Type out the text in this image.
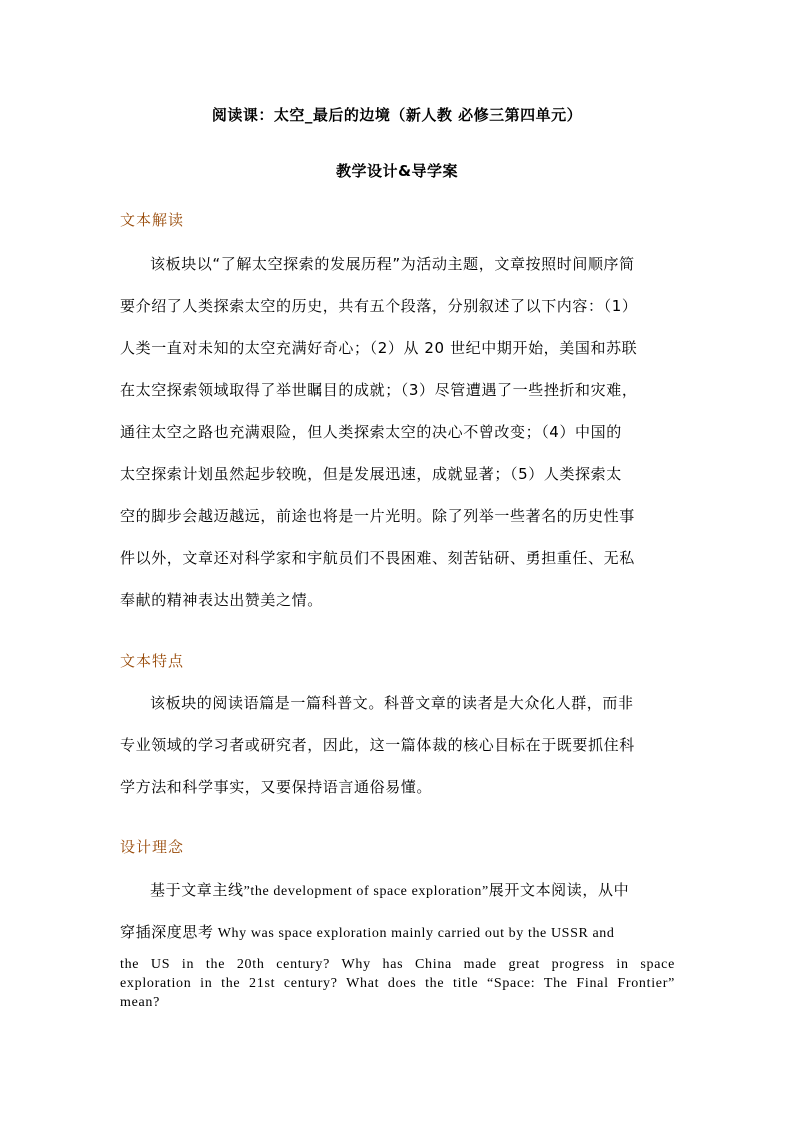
阅读课：太空_最后的边境（新人教 必修三第四单元）
教学设计&导学案
文本解读
该板块以“了解太空探索的发展历程”为活动主题，文章按照时间顺序简
要介绍了人类探索太空的历史，共有五个段落，分别叙述了以下内容：（1）
人类一直对未知的太空充满好奇心；（2）从 20 世纪中期开始，美国和苏联
在太空探索领域取得了举世瞩目的成就；（3）尽管遭遇了一些挫折和灾难，
通往太空之路也充满艰险，但人类探索太空的决心不曾改变；（4）中国的
太空探索计划虽然起步较晚，但是发展迅速，成就显著；（5）人类探索太
空的脚步会越迈越远，前途也将是一片光明。除了列举一些著名的历史性事
件以外，文章还对科学家和宇航员们不畏困难、刻苦钻研、勇担重任、无私
奉献的精神表达出赞美之情。
文本特点
该板块的阅读语篇是一篇科普文。科普文章的读者是大众化人群，而非
专业领域的学习者或研究者，因此，这一篇体裁的核心目标在于既要抓住科
学方法和科学事实，又要保持语言通俗易懂。
设计理念
基于文章主线”the development of space exploration”展开文本阅读，从中
穿插深度思考 Why was space exploration mainly carried out by the USSR and
the US in the 20th century? Why has China made great progress in space exploration in the 21st century? What does the title “Space: The Final Frontier” mean?
